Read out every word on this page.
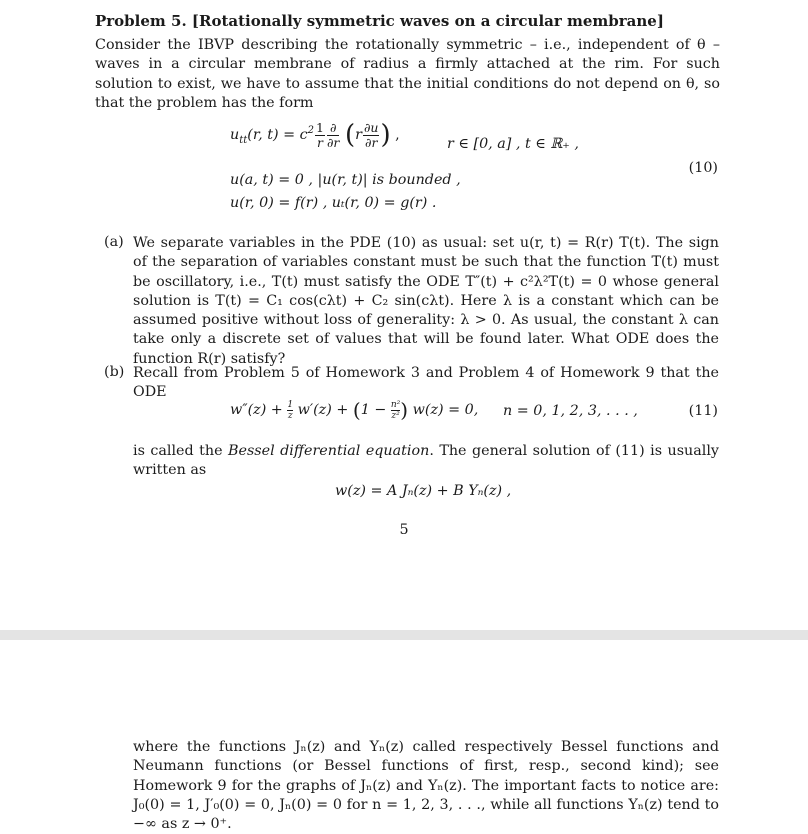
Problem 5. [Rotationally symmetric waves on a circular membrane]
Consider the IBVP describing the rotationally symmetric – i.e., independent of θ – waves in a circular membrane of radius a firmly attached at the rim. For such solution to exist, we have to assume that the initial conditions do not depend on θ, so that the problem has the form
$u_{tt}(r$, $t) = c^2 \frac{1}{r} \frac{\partial}{\partial r} (r \frac{\partial u}{\partial r}$ ) ,
r ∈ [0, a] , t ∈ ℝ₊ ,
(10)
u(a, t) = 0 , |u(r, t)| is bounded ,
u(r, 0) = f(r) , uₜ(r, 0) = g(r) .
(a) We separate variables in the PDE (10) as usual: set u(r, t) = R(r) T(t). The sign of the separation of variables constant must be such that the function T(t) must be oscillatory, i.e., T(t) must satisfy the ODE T″(t) + c²λ²T(t) = 0 whose general solution is T(t) = C₁ cos(cλt) + C₂ sin(cλt). Here λ is a constant which can be assumed positive without loss of generality: λ > 0. As usual, the constant λ can take only a discrete set of values that will be found later. What ODE does the function R(r) satisfy?
(b) Recall from Problem 5 of Homework 3 and Problem 4 of Homework 9 that the ODE
$w''(z) + \frac{1}{z} w'(z) + (1 - \frac{\text{n²}}{\text{z²}}$ ) w(z) = 0, n = 0, 1, 2, 3, . . . ,	(11)
is called the Bessel differential equation. The general solution of (11) is usually written as
w(z) = A Jₙ(z) + B Yₙ(z) ,
5
where the functions Jₙ(z) and Yₙ(z) called respectively Bessel functions and Neumann functions (or Bessel functions of first, resp., second kind); see Homework 9 for the graphs of Jₙ(z) and Yₙ(z). The important facts to notice are: J₀(0) = 1, J′₀(0) = 0, Jₙ(0) = 0 for n = 1, 2, 3, . . ., while all functions Yₙ(z) tend to −∞ as z → 0⁺.
